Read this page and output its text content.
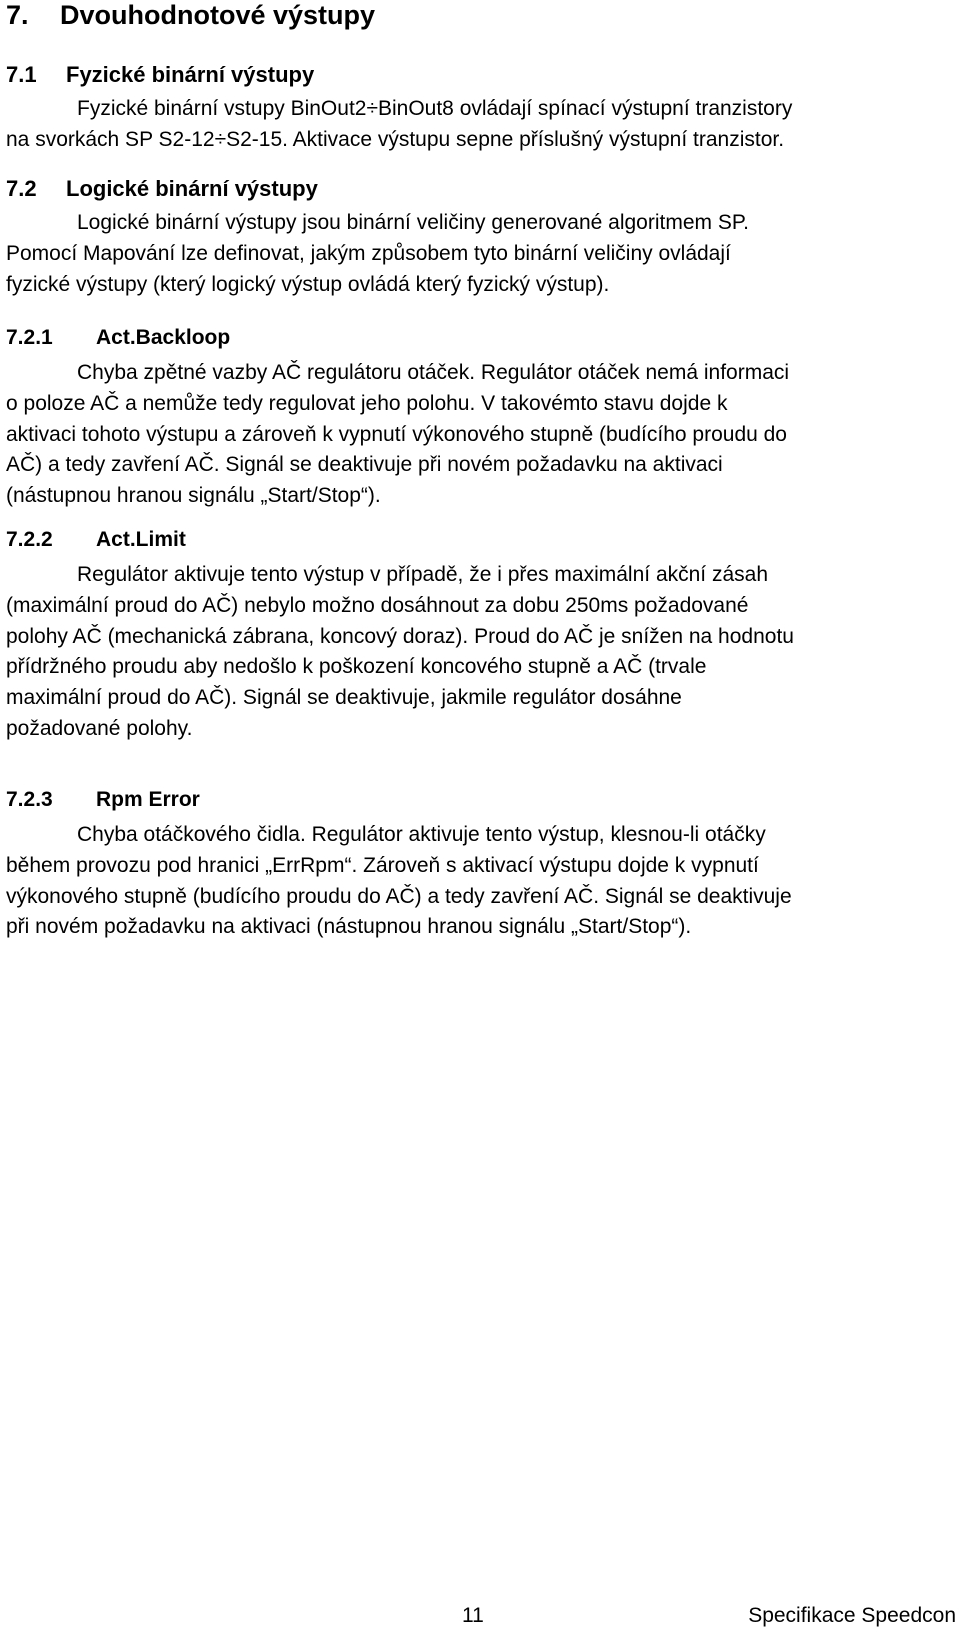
7. Dvouhodnotové výstupy
7.1 Fyzické binární výstupy
Fyzické binární vstupy BinOut2÷BinOut8 ovládají spínací výstupní tranzistory
na svorkách SP S2-12÷S2-15. Aktivace výstupu sepne příslušný výstupní tranzistor.
7.2 Logické binární výstupy
Logické binární výstupy jsou binární veličiny generované algoritmem SP.
Pomocí Mapování lze definovat, jakým způsobem tyto binární veličiny ovládají
fyzické výstupy (který logický výstup ovládá který fyzický výstup).
7.2.1 Act.Backloop
Chyba zpětné vazby AČ regulátoru otáček. Regulátor otáček nemá informaci
o poloze AČ a nemůže tedy regulovat jeho polohu. V takovémto stavu dojde k
aktivaci tohoto výstupu a zároveň k vypnutí výkonového stupně (budícího proudu do
AČ) a tedy zavření AČ. Signál se deaktivuje při novém požadavku na aktivaci
(nástupnou hranou signálu „Start/Stop“).
7.2.2 Act.Limit
Regulátor aktivuje tento výstup v případě, že i přes maximální akční zásah
(maximální proud do AČ) nebylo možno dosáhnout za dobu 250ms požadované
polohy AČ (mechanická zábrana, koncový doraz). Proud do AČ je snížen na hodnotu
přídržného proudu aby nedošlo k poškození koncového stupně a AČ (trvale
maximální proud do AČ). Signál se deaktivuje, jakmile regulátor dosáhne
požadované polohy.
7.2.3 Rpm Error
Chyba otáčkového čidla. Regulátor aktivuje tento výstup, klesnou-li otáčky
během provozu pod hranici „ErrRpm“. Zároveň s aktivací výstupu dojde k vypnutí
výkonového stupně (budícího proudu do AČ) a tedy zavření AČ. Signál se deaktivuje
při novém požadavku na aktivaci (nástupnou hranou signálu „Start/Stop“).
11	Specifikace Speedcon
